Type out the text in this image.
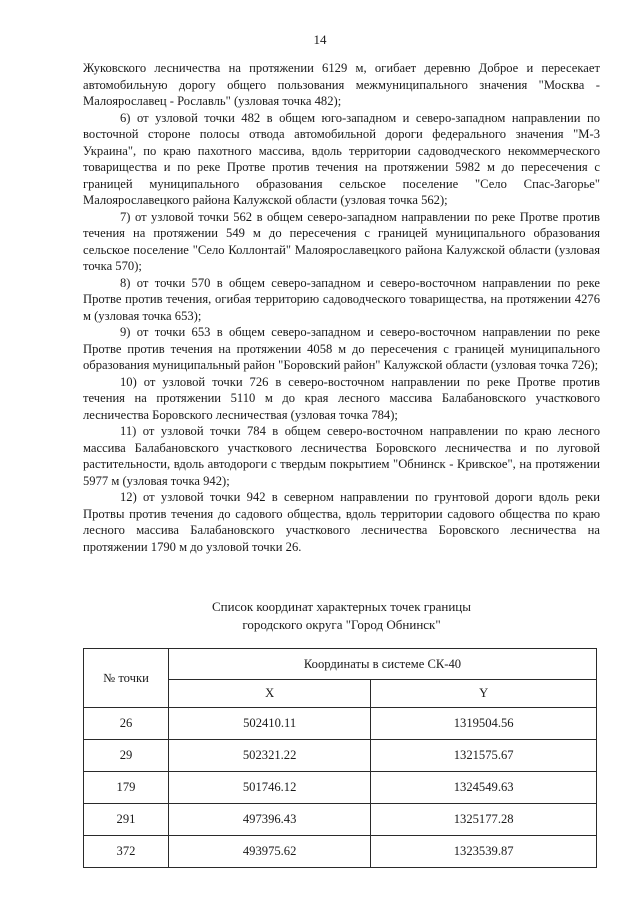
14

Жуковского лесничества на протяжении 6129 м, огибает деревню Доброе и пересекает автомобильную дорогу общего пользования межмуниципального значения "Москва - Малоярославец - Рославль" (узловая точка 482);

6) от узловой точки 482 в общем юго-западном и северо-западном направлении по восточной стороне полосы отвода автомобильной дороги федерального значения "М-3 Украина", по краю пахотного массива, вдоль территории садоводческого некоммерческого товарищества и по реке Протве против течения на протяжении 5982 м до пересечения с границей муниципального образования сельское поселение "Село Спас-Загорье" Малоярославецкого района Калужской области (узловая точка 562);

7) от узловой точки 562 в общем северо-западном направлении по реке Протве против течения на протяжении 549 м до пересечения с границей муниципального образования сельское поселение "Село Коллонтай" Малоярославецкого района Калужской области (узловая точка 570);

8) от точки 570 в общем северо-западном и северо-восточном направлении по реке Протве против течения, огибая территорию садоводческого товарищества, на протяжении 4276 м (узловая точка 653);

9) от точки 653 в общем северо-западном и северо-восточном направлении по реке Протве против течения на протяжении 4058 м до пересечения с границей муниципального образования муниципальный район "Боровский район" Калужской области (узловая точка 726);

10) от узловой точки 726 в северо-восточном направлении по реке Протве против течения на протяжении 5110 м до края лесного массива Балабановского участкового лесничества Боровского лесничествая (узловая точка 784);

11) от узловой точки 784 в общем северо-восточном направлении по краю лесного массива Балабановского участкового лесничества Боровского лесничества и по луговой растительности, вдоль автодороги с твердым покрытием "Обнинск - Кривское", на протяжении 5977 м (узловая точка 942);

12) от узловой точки 942 в северном направлении по грунтовой дороги вдоль реки Протвы против течения до садового общества, вдоль территории садового общества по краю лесного массива Балабановского участкового лесничества Боровского лесничества на протяжении 1790 м до узловой точки 26.

Список координат характерных точек границы
городского округа "Город Обнинск"
№ точки	Координаты в системе СК-40	
	X	Y
26	502410.11	1319504.56
29	502321.22	1321575.67
179	501746.12	1324549.63
291	497396.43	1325177.28
372	493975.62	1323539.87
